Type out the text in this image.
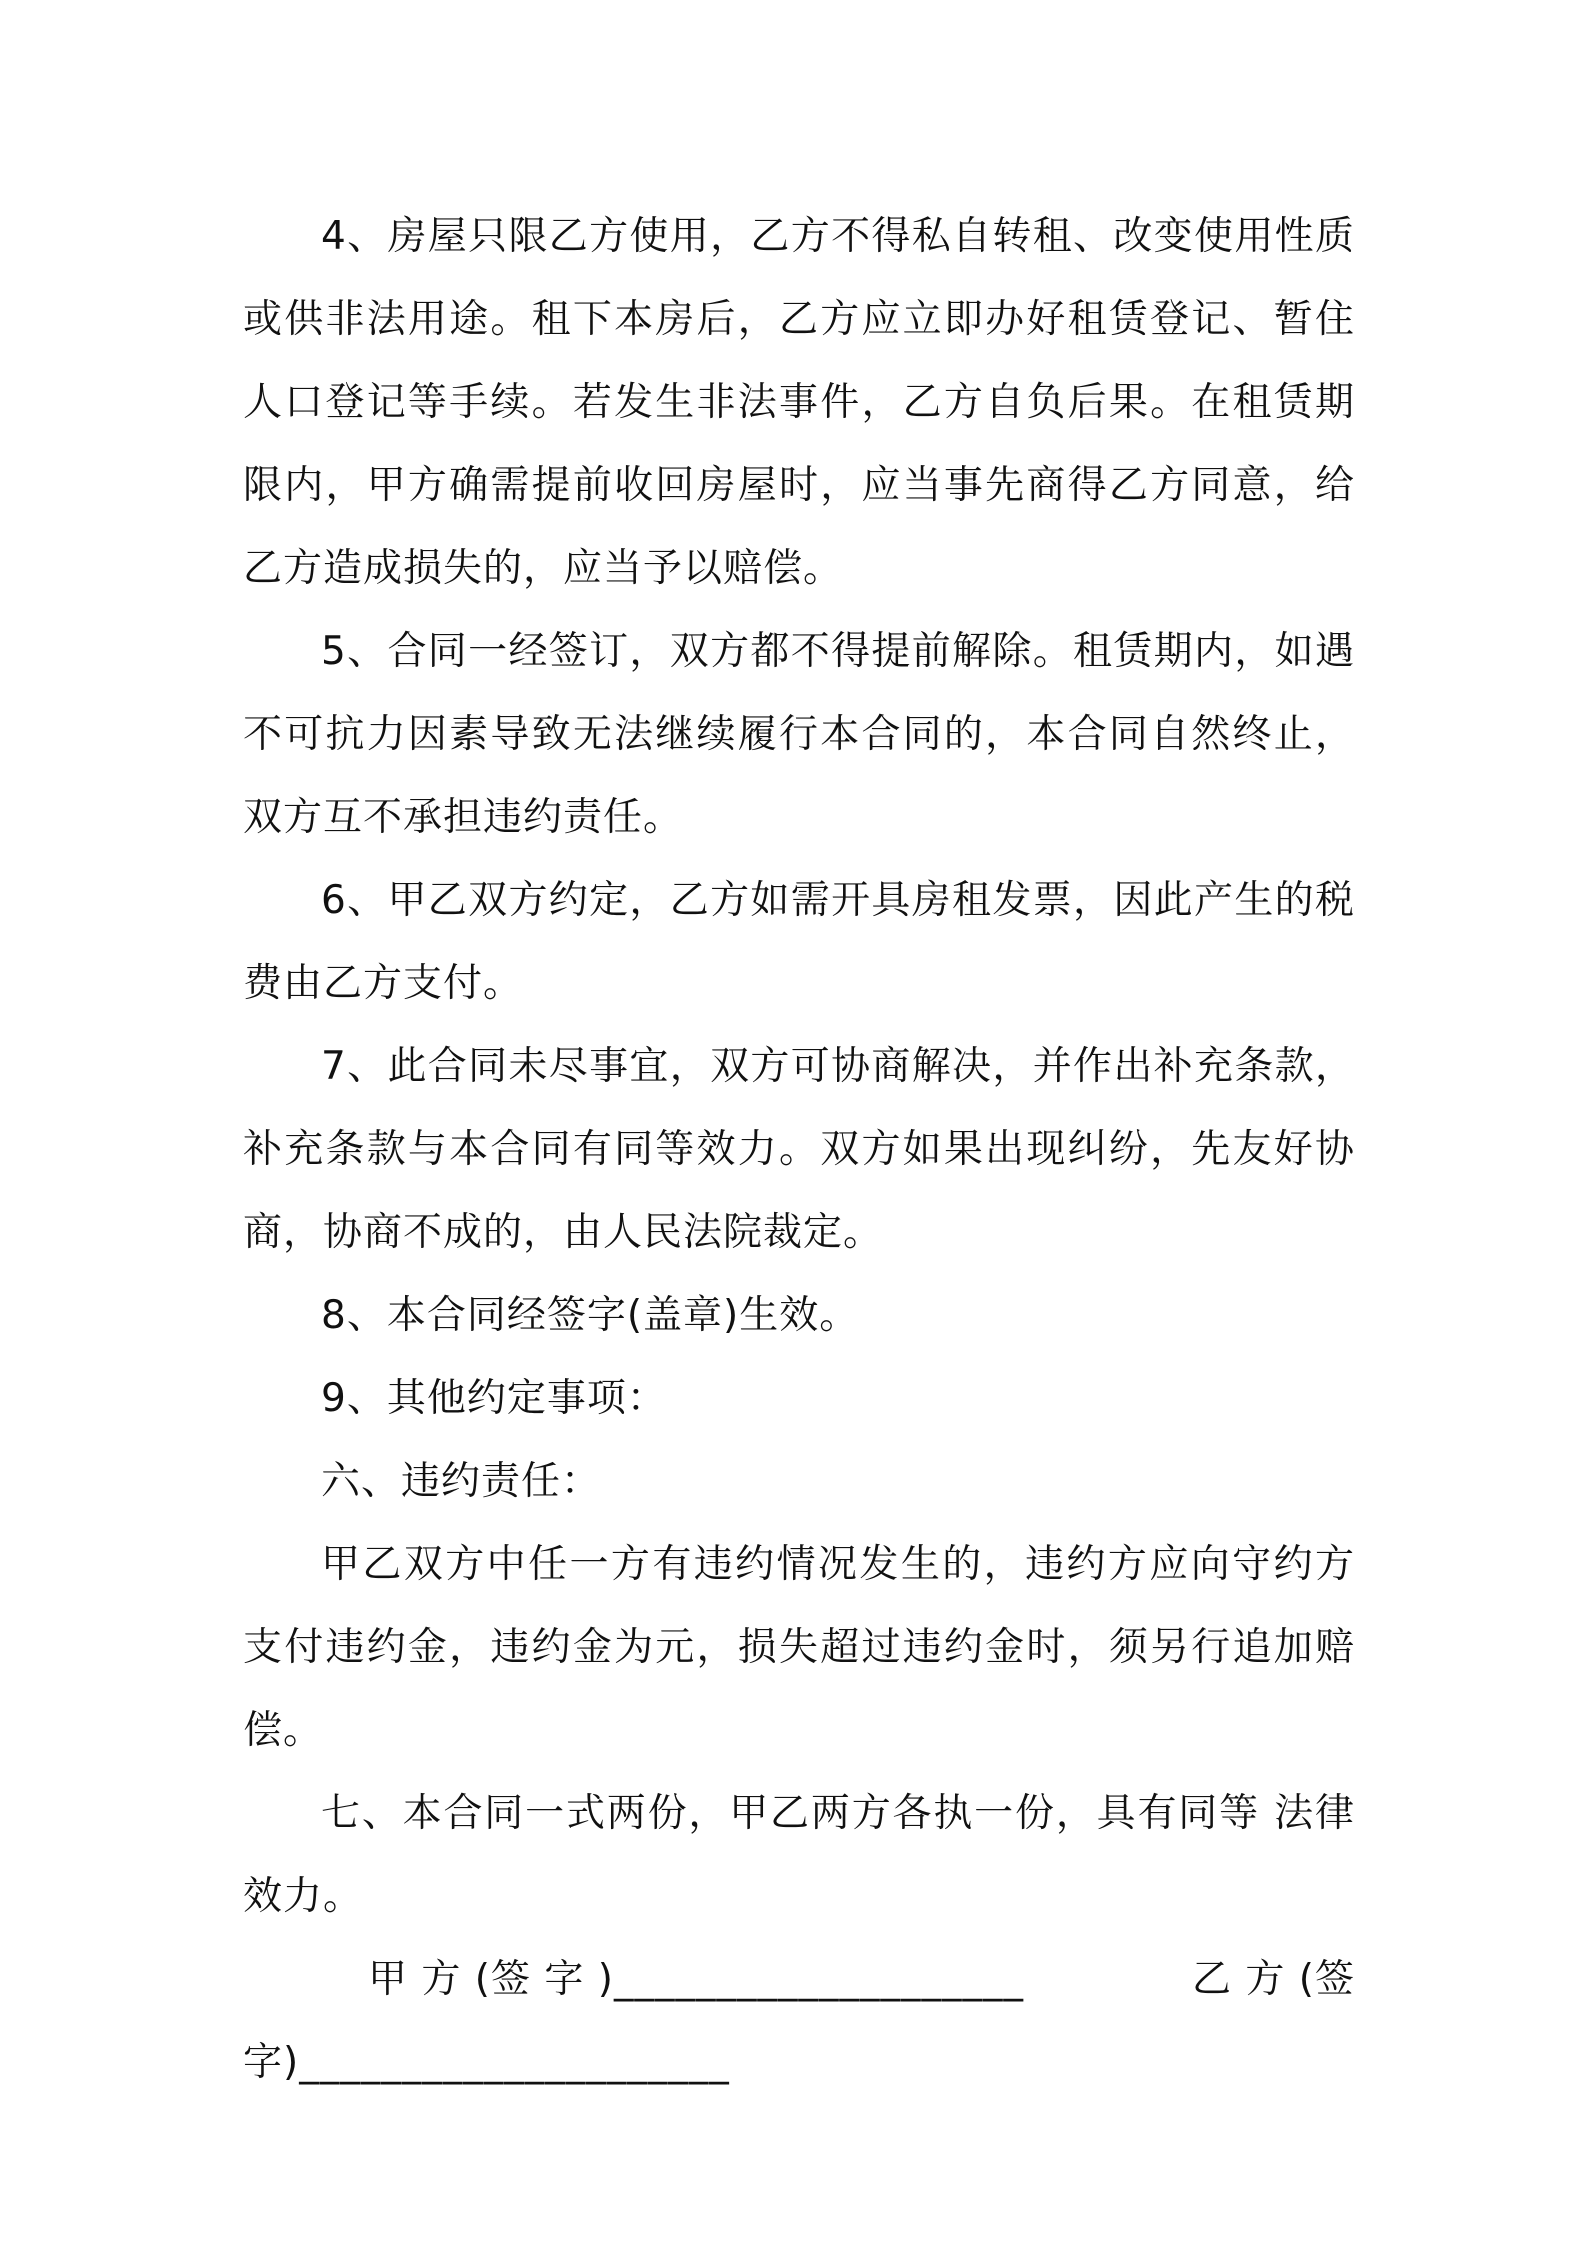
4、房屋只限乙方使用，乙方不得私自转租、改变使用性质或供非法用途。租下本房后，乙方应立即办好租赁登记、暂住人口登记等手续。若发生非法事件，乙方自负后果。在租赁期限内，甲方确需提前收回房屋时，应当事先商得乙方同意，给乙方造成损失的，应当予以赔偿。

5、合同一经签订，双方都不得提前解除。租赁期内，如遇不可抗力因素导致无法继续履行本合同的，本合同自然终止，双方互不承担违约责任。

6、甲乙双方约定，乙方如需开具房租发票，因此产生的税费由乙方支付。

7、此合同未尽事宜，双方可协商解决，并作出补充条款，补充条款与本合同有同等效力。双方如果出现纠纷，先友好协商，协商不成的，由人民法院裁定。

8、本合同经签字(盖章)生效。

9、其他约定事项：

六、违约责任：

甲乙双方中任一方有违约情况发生的，违约方应向守约方支付违约金，违约金为元，损失超过违约金时，须另行追加赔偿。

七、本合同一式两份，甲乙两方各执一份，具有同等 法律效力。

甲 方 (签 字 )____________________	乙 方 (签
字)_____________________
